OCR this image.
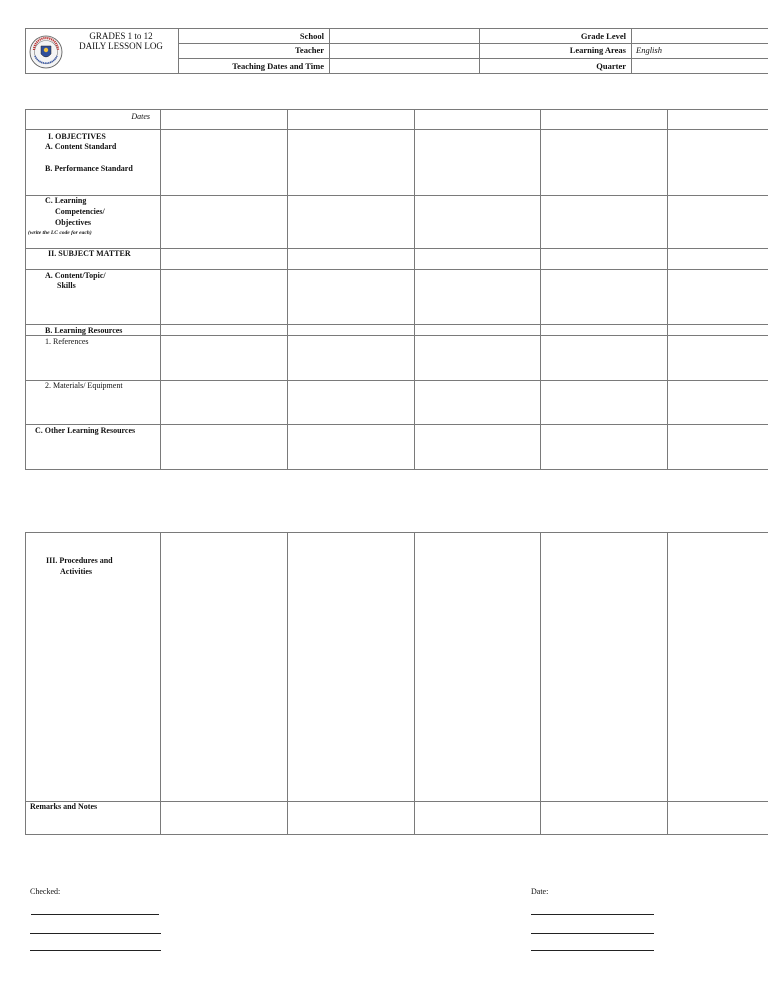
GRADES 1 to 12
DAILY LESSON LOG
School
Teacher
Teaching Dates and Time
Grade Level
Learning Areas
Quarter
English
Dates
I. OBJECTIVES
A. Content Standard
B. Performance Standard
C. Learning
Competencies/
Objectives
(write the LC code for each)
II. SUBJECT MATTER
A. Content/Topic/
Skills
B. Learning Resources
1. References
2. Materials/ Equipment
C. Other Learning Resources
III. Procedures and
Activities
Remarks and Notes
Checked:	Date:
